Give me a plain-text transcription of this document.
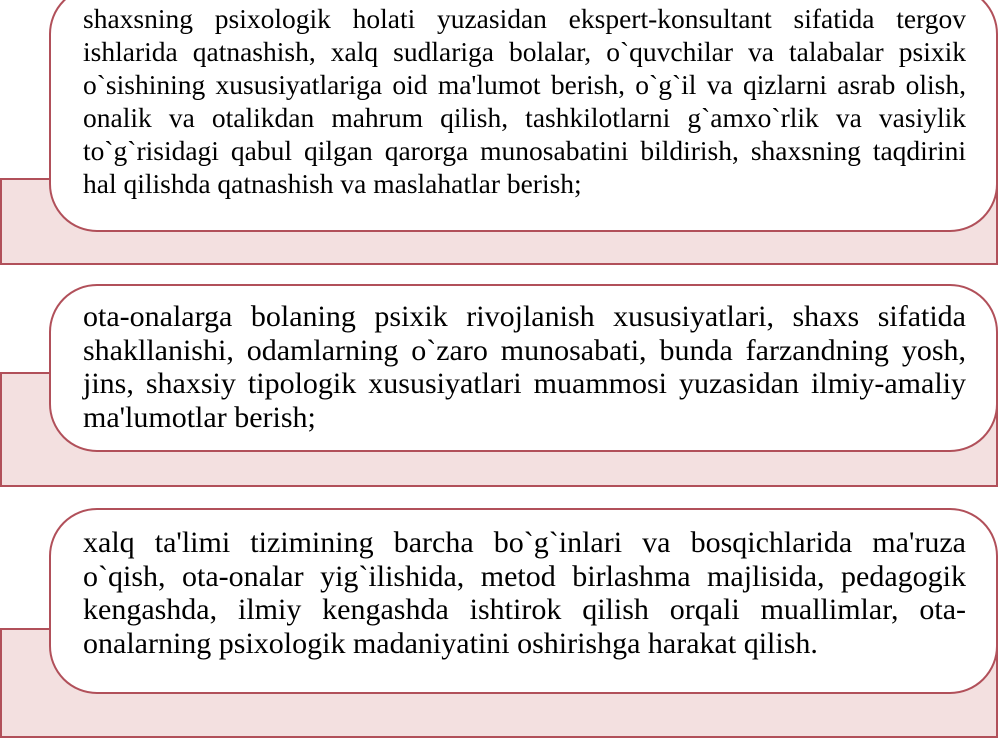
shaxsning psixologik holati yuzasidan ekspert-konsultant sifatida tergov ishlarida qatnashish, xalq sudlariga bolalar, o`quvchilar va talabalar psixik o`sishining xususiyatlariga oid ma'lumot berish, o`g`il va qizlarni asrab olish, onalik va otalikdan mahrum qilish, tashkilotlarni g`amxo`rlik va vasiylik to`g`risidagi qabul qilgan qarorga munosabatini bildirish, shaxsning taqdirini hal qilishda qatnashish va maslahatlar berish;

ota-onalarga bolaning psixik rivojlanish xususiyatlari, shaxs sifatida shakllanishi, odamlarning o`zaro munosabati, bunda farzandning yosh, jins, shaxsiy tipologik xususiyatlari muammosi yuzasidan ilmiy-amaliy ma'lumotlar berish;

xalq ta'limi tizimining barcha bo`g`inlari va bosqichlarida ma'ruza o`qish, ota-onalar yig`ilishida, metod birlashma majlisida, pedagogik kengashda, ilmiy kengashda ishtirok qilish orqali muallimlar, ota-onalarning psixologik madaniyatini oshirishga harakat qilish.
